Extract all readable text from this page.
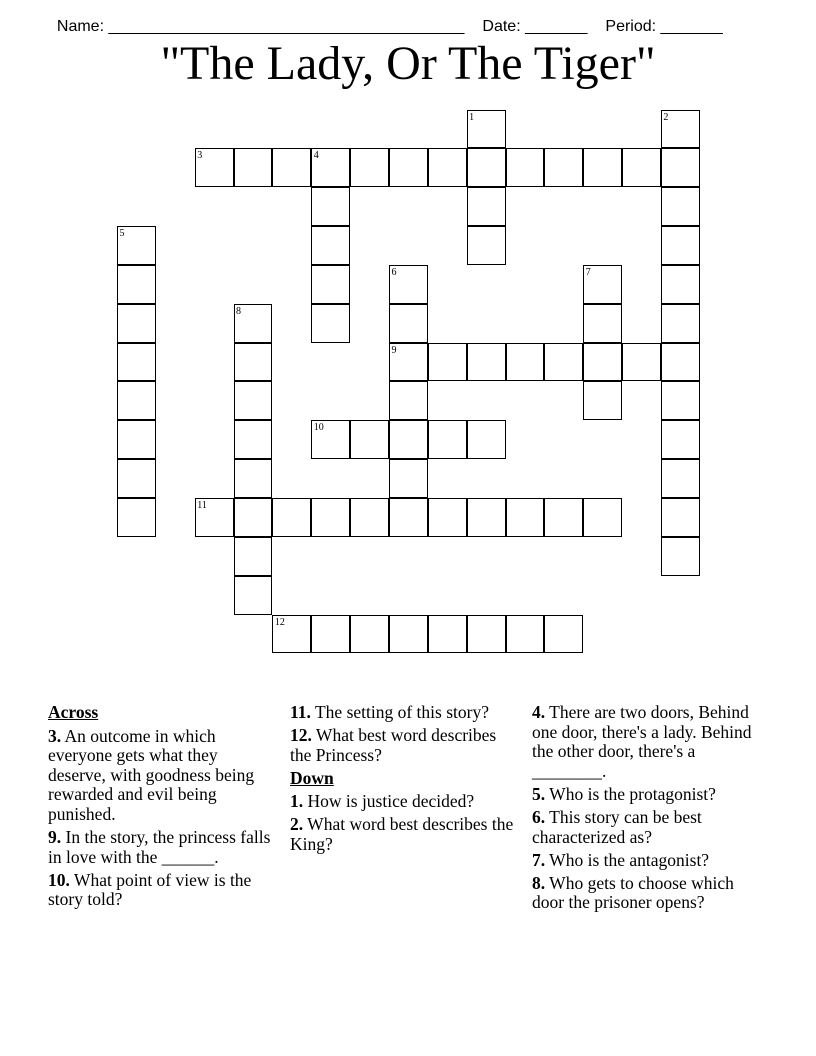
Name: ________________________________________ Date: _______ Period: _______

"The Lady, Or The Tiger"
1	2
3	4
5
6	7
8
9
10
11
12
Across
3. An outcome in which everyone gets what they deserve, with goodness being rewarded and evil being punished.
9. In the story, the princess falls in love with the ______.
10. What point of view is the story told?
11. The setting of this story?
12. What best word describes the Princess?
Down
1. How is justice decided?
2. What word best describes the King?
4. There are two doors, Behind one door, there's a lady. Behind the other door, there's a ________.
5. Who is the protagonist?
6. This story can be best characterized as?
7. Who is the antagonist?
8. Who gets to choose which door the prisoner opens?
